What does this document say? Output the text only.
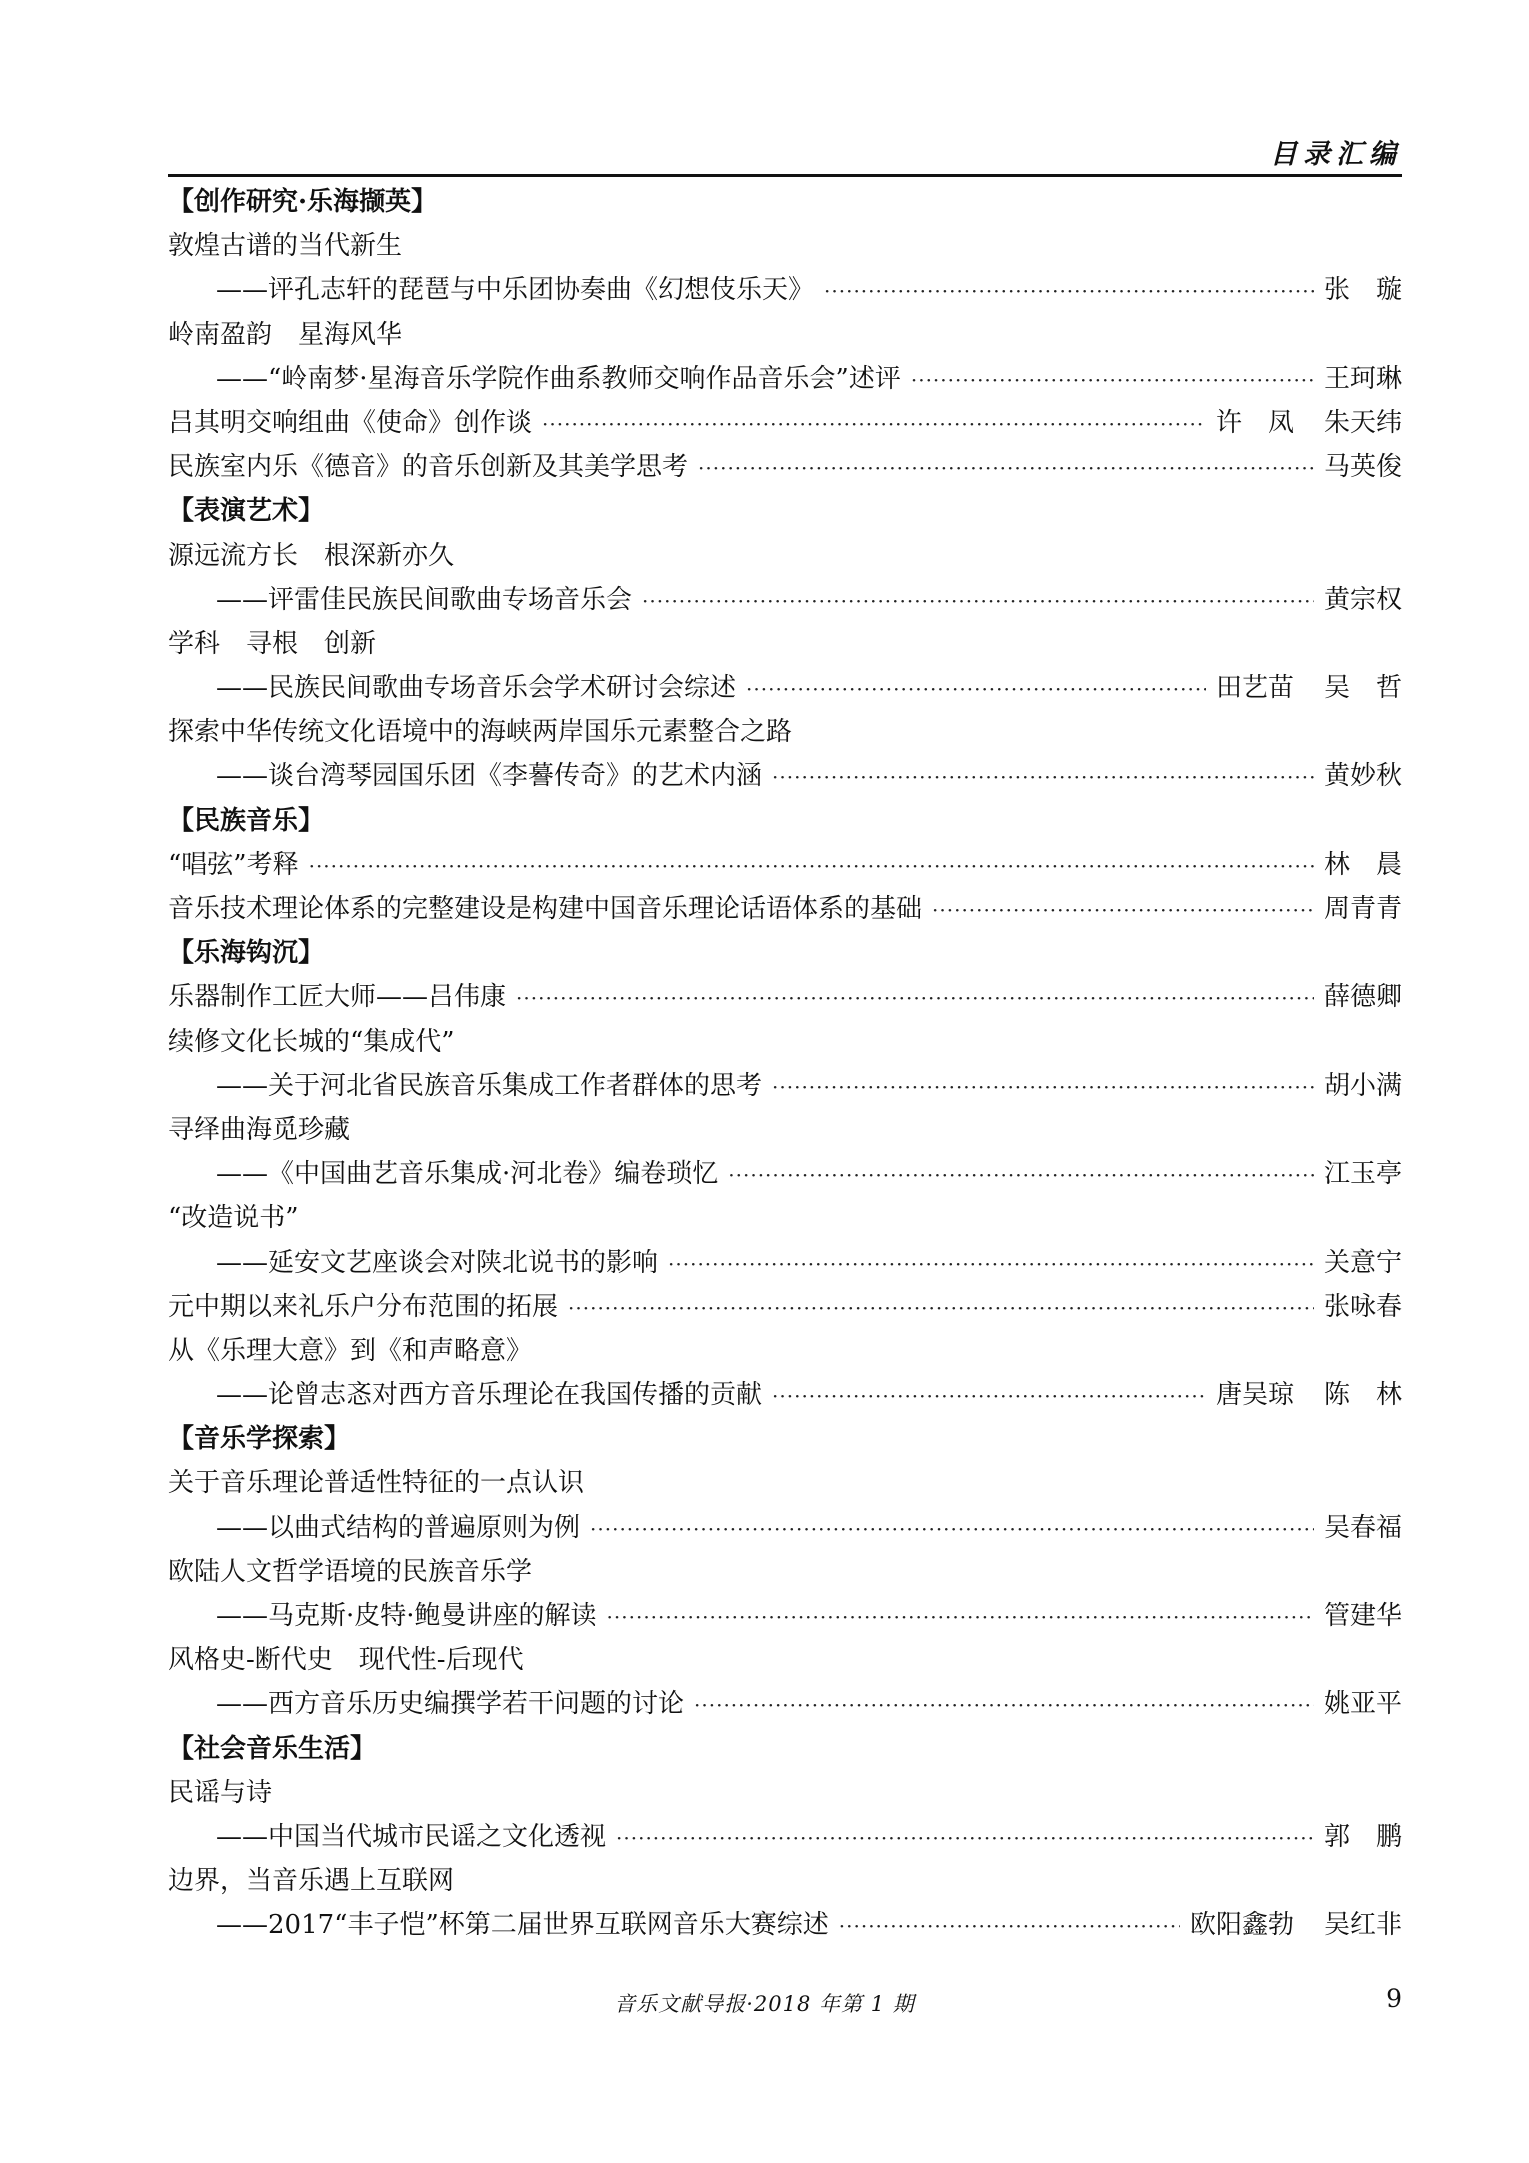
目录汇编
【创作研究·乐海撷英】
敦煌古谱的当代新生
——评孔志轩的琵琶与中乐团协奏曲《幻想伎乐天》 ·····	张　璇
岭南盈韵　星海风华
——“岭南梦·星海音乐学院作曲系教师交响作品音乐会”述评 ·····	王珂琳
吕其明交响组曲《使命》创作谈 ·····	许　凤 朱天纬
民族室内乐《德音》的音乐创新及其美学思考 ·····	马英俊
【表演艺术】
源远流方长　根深新亦久
——评雷佳民族民间歌曲专场音乐会 ·····	黄宗权
学科　寻根　创新
——民族民间歌曲专场音乐会学术研讨会综述 ·····	田艺苗 吴　哲
探索中华传统文化语境中的海峡两岸国乐元素整合之路
——谈台湾琴园国乐团《李謩传奇》的艺术内涵 ·····	黄妙秋
【民族音乐】
“唱弦”考释 ·····	林　晨
音乐技术理论体系的完整建设是构建中国音乐理论话语体系的基础 ·····	周青青
【乐海钩沉】
乐器制作工匠大师——吕伟康 ·····	薛德卿
续修文化长城的“集成代”
——关于河北省民族音乐集成工作者群体的思考 ·····	胡小满
寻绎曲海觅珍藏
——《中国曲艺音乐集成·河北卷》编卷琐忆 ·····	江玉亭
“改造说书”
——延安文艺座谈会对陕北说书的影响 ·····	关意宁
元中期以来礼乐户分布范围的拓展 ·····	张咏春
从《乐理大意》到《和声略意》
——论曾志忞对西方音乐理论在我国传播的贡献 ·····	唐吴琼 陈　林
【音乐学探索】
关于音乐理论普适性特征的一点认识
——以曲式结构的普遍原则为例 ·····	吴春福
欧陆人文哲学语境的民族音乐学
——马克斯·皮特·鲍曼讲座的解读 ·····	管建华
风格史-断代史　现代性-后现代
——西方音乐历史编撰学若干问题的讨论 ·····	姚亚平
【社会音乐生活】
民谣与诗
——中国当代城市民谣之文化透视 ·····	郭　鹏
边界，当音乐遇上互联网
——2017“丰子恺”杯第二届世界互联网音乐大赛综述 ·····	欧阳鑫勃 吴红非
音乐文献导报·2018 年第 1 期	9
